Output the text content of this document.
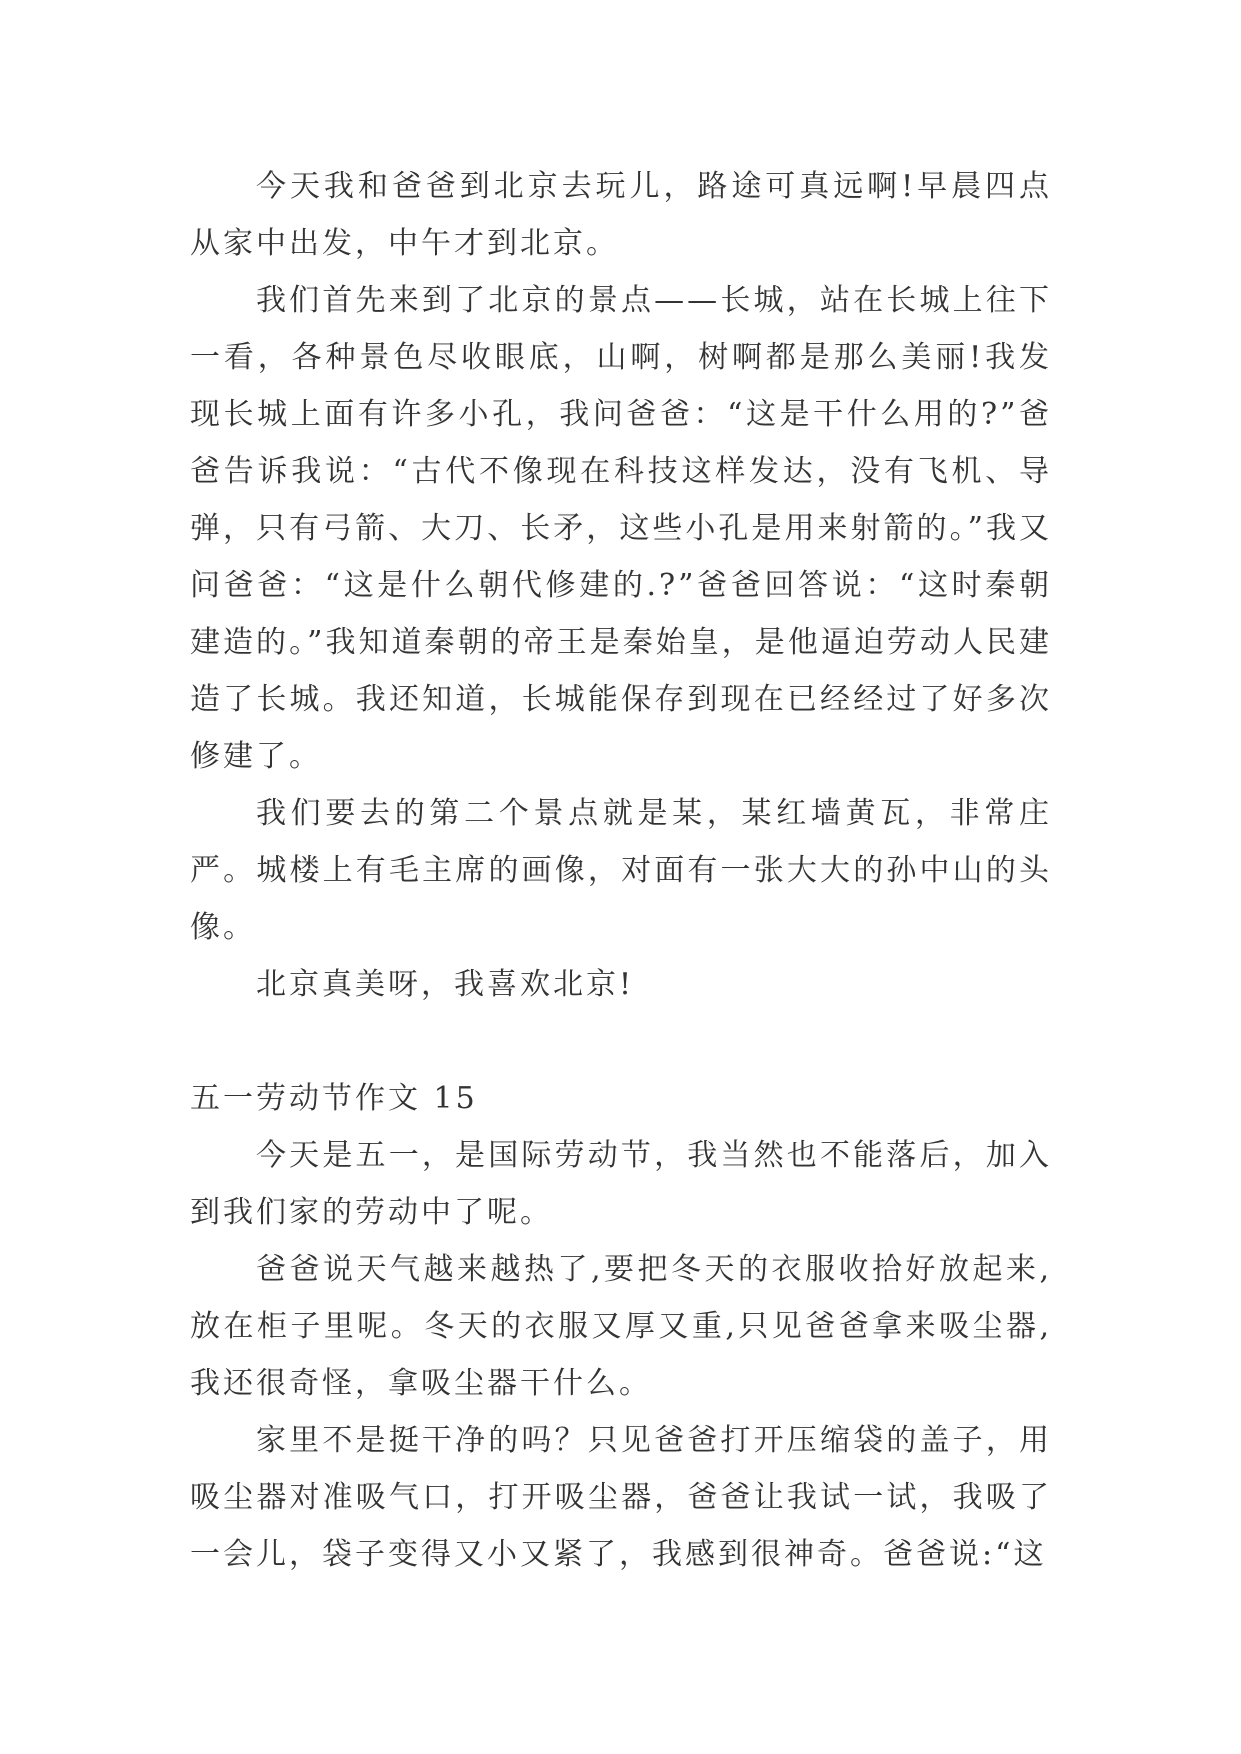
今天我和爸爸到北京去玩儿，路途可真远啊!早晨四点从家中出发，中午才到北京。

我们首先来到了北京的景点——长城，站在长城上往下一看，各种景色尽收眼底，山啊，树啊都是那么美丽!我发现长城上面有许多小孔，我问爸爸：“这是干什么用的?”爸爸告诉我说：“古代不像现在科技这样发达，没有飞机、导弹，只有弓箭、大刀、长矛，这些小孔是用来射箭的。”我又问爸爸：“这是什么朝代修建的.?”爸爸回答说：“这时秦朝建造的。”我知道秦朝的帝王是秦始皇，是他逼迫劳动人民建造了长城。我还知道，长城能保存到现在已经经过了好多次修建了。

我们要去的第二个景点就是某，某红墙黄瓦，非常庄严。城楼上有毛主席的画像，对面有一张大大的孙中山的头像。

北京真美呀，我喜欢北京!

五一劳动节作文 15

今天是五一，是国际劳动节，我当然也不能落后，加入到我们家的劳动中了呢。

爸爸说天气越来越热了,要把冬天的衣服收拾好放起来,放在柜子里呢。冬天的衣服又厚又重,只见爸爸拿来吸尘器,我还很奇怪，拿吸尘器干什么。

家里不是挺干净的吗？只见爸爸打开压缩袋的盖子，用吸尘器对准吸气口，打开吸尘器，爸爸让我试一试，我吸了一会儿，袋子变得又小又紧了，我感到很神奇。爸爸说:“这
